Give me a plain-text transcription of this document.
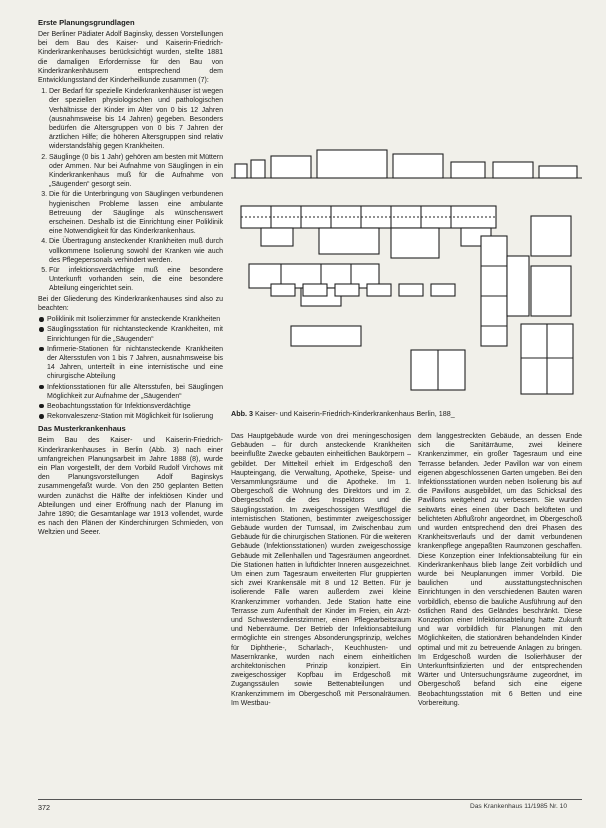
Erste Planungsgrundlagen

Der Berliner Pädiater Adolf Baginsky, dessen Vorstellungen bei dem Bau des Kaiser- und Kaiserin-Friedrich-Kinderkrankenhauses berücksichtigt wurden, stellte 1881 die damaligen Erfordernisse für den Bau von Kinderkrankenhäusern entsprechend dem Entwicklungsstand der Kinderheilkunde zusammen (7):

1. Der Bedarf für spezielle Kinderkrankenhäuser ist wegen der speziellen physiologischen und pathologischen Verhältnisse der Kinder im Alter von 0 bis 12 Jahren (ausnahmsweise bis 14 Jahren) gegeben. Besonders bedürfen die Altersgruppen von 0 bis 7 Jahren der ärztlichen Hilfe; die höheren Altersgruppen sind relativ widerstandsfähig gegen Krankheiten.
2. Säuglinge (0 bis 1 Jahr) gehören am besten mit Müttern oder Ammen. Nur bei Aufnahme von Säuglingen in ein Kinderkrankenhaus muß für die Aufnahme von „Säugenden“ gesorgt sein.
3. Die für die Unterbringung von Säuglingen verbundenen hygienischen Probleme lassen eine ambulante Betreuung der Säuglinge als wünschenswert erscheinen. Deshalb ist die Einrichtung einer Poliklinik eine Notwendigkeit für das Kinderkrankenhaus.
4. Die Übertragung ansteckender Krankheiten muß durch vollkommene Isolierung sowohl der Kranken wie auch des Pflegepersonals verhindert werden.
5. Für infektionsverdächtige muß eine besondere Unterkunft vorhanden sein, die eine besondere Abteilung eingerichtet sein.

Bei der Gliederung des Kinderkrankenhauses sind also zu beachten:

Poliklinik mit Isolierzimmer für ansteckende Krankheiten
Säuglingsstation für nichtansteckende Krankheiten, mit Einrichtungen für die „Säugenden“
Infirmerie-Stationen für nichtansteckende Krankheiten der Altersstufen von 1 bis 7 Jahren, ausnahmsweise bis 14 Jahren, unterteilt in eine internistische und eine chirurgische Abteilung
Infektionsstationen für alle Altersstufen, bei Säuglingen Möglichkeit zur Aufnahme der „Säugenden“
Beobachtungsstation für Infektionsverdächtige
Rekonvaleszenz-Station mit Möglichkeit für Isolierung
Das Musterkrankenhaus

Beim Bau des Kaiser- und Kaiserin-Friedrich-Kinderkrankenhauses in Berlin (Abb. 3) nach einer umfangreichen Planungsarbeit im Jahre 1888 (8), wurde ein Plan vorgestellt, der dem Vorbild Rudolf Virchows mit den Planungsvorstellungen Adolf Baginskys zusammengefaßt wurde. Von den 250 geplanten Betten wurden zunächst die Hälfte der infektiösen Kinder und Abteilungen und einer Eröffnung nach der Planung im Jahre 1890; die Gesamtanlage war 1913 vollendet, wurde es nach den Plänen der Kinderchirurgen Schmieden, von Weltzien und Seeer.

Abb. 3 Kaiser- und Kaiserin-Friedrich-Kinderkrankenhaus Berlin, 188_

Das Hauptgebäude wurde von drei meningeschosigen Gebäuden – für durch ansteckende Krankheiten beeinflußte Zwecke gebauten einheitlichen Baukörpern – gebildet. Der Mittelteil erhielt im Erdgeschoß den Haupteingang, die Verwaltung, Apotheke, Speise- und Versammlungsräume und die Apotheke. Im 1. Obergeschoß die Wohnung des Direktors und im 2. Obergeschoß die des Inspektors und die Säuglingsstation. Im zweigeschossigen Westflügel die internistischen Stationen, bestimmter zweigeschossiger Gebäude wurden der Turnsaal, im Zwischenbau zum Gebäude für die chirurgischen Stationen. Für die weiteren Gebäude (Infektionsstationen) wurden zweigeschossige Gebäude mit Zellenhallen und Tagesräumen angeordnet. Die Stationen hatten in luftdichter Inneren ausgezeichnet. Um einen zum Tagesraum erweiterten Flur gruppierten sich zwei Krankensäle mit 8 und 12 Betten. Für je isolierende Fälle waren außerdem zwei kleine Krankenzimmer vorhanden. Jede Station hatte eine Terrasse zum Aufenthalt der Kinder im Freien, ein Arzt- und Schwesterndienstzimmer, einen Pflegearbeitsraum und Nebenräume. Der Betrieb der Infektionsabteilung ermöglichte ein strenges Absonderungsprinzip, welches für Diphtherie-, Scharlach-, Keuchhusten- und Masernkranke, wurden nach einem einheitlichen architektonischen Prinzip konzipiert. Ein zweigeschossiger Kopfbau im Erdgeschoß mit Zugangssäulen sowie Bettenabteilungen und Krankenzimmern im Obergeschoß mit Personalräumen. Im Westbau-

dem langgestreckten Gebäude, an dessen Ende sich die Sanitärräume, zwei kleinere Krankenzimmer, ein großer Tagesraum und eine Terrasse befanden. Jeder Pavillon war von einem eigenen abgeschlossenen Garten umgeben. Bei den Infektionsstationen wurden neben Isolierung bis auf die Pavillons ausgebildet, um das Schicksal des Pavillons weitgehend zu verbessern. Sie wurden seitwärts eines einen über Dach belüfteten und belichteten Abflußrohr angeordnet, im Obergeschoß und wurden entsprechend den drei Phasen des Krankheitsverlaufs und der damit verbundenen krankenpflege angepaßten Raumzonen geschaffen. Diese Konzeption einer Infektionsabteilung für ein Kinderkrankenhaus blieb lange Zeit vorbildlich und wurde bei Neuplanungen immer Vorbild. Die baulichen und ausstattungstechnischen Einrichtungen in den verschiedenen Bauten waren vorbildlich, ebenso die bauliche Ausführung auf den östlichen Rand des Geländes beschränkt. Diese Konzeption einer Infektionsabteilung hatte Zukunft und war vorbildlich für Planungen mit den Möglichkeiten, die stationären behandelnden Kinder optimal und mit zu betreuende Anlagen zu bringen. Im Erdgeschoß wurden die Isolierhäuser der Unterkunftsinfizierten und der entsprechenden Wärter und Untersuchungsräume zugeordnet, im Obergeschoß befand sich eine eigene Beobachtungsstation mit 6 Betten und eine Vorbereitung.

372	Das Krankenhaus 11/1985 Nr. 10
